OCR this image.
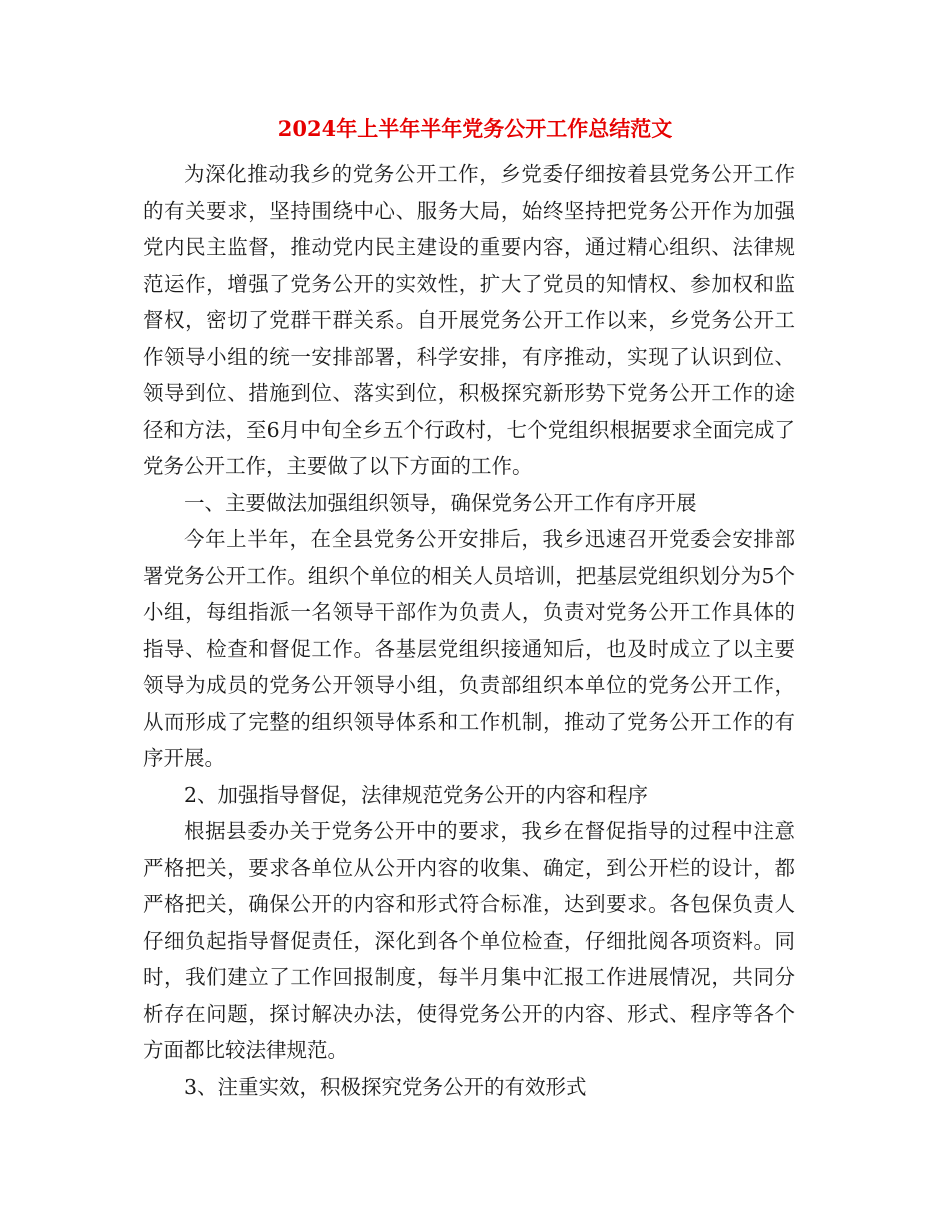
2024年上半年半年党务公开工作总结范文

为深化推动我乡的党务公开工作，乡党委仔细按着县党务公开工作的有关要求，坚持围绕中心、服务大局，始终坚持把党务公开作为加强党内民主监督，推动党内民主建设的重要内容，通过精心组织、法律规范运作，增强了党务公开的实效性，扩大了党员的知情权、参加权和监督权，密切了党群干群关系。自开展党务公开工作以来，乡党务公开工作领导小组的统一安排部署，科学安排，有序推动，实现了认识到位、领导到位、措施到位、落实到位，积极探究新形势下党务公开工作的途径和方法，至6月中旬全乡五个行政村，七个党组织根据要求全面完成了党务公开工作，主要做了以下方面的工作。

一、主要做法加强组织领导，确保党务公开工作有序开展

今年上半年，在全县党务公开安排后，我乡迅速召开党委会安排部署党务公开工作。组织个单位的相关人员培训，把基层党组织划分为5个小组，每组指派一名领导干部作为负责人，负责对党务公开工作具体的指导、检查和督促工作。各基层党组织接通知后，也及时成立了以主要领导为成员的党务公开领导小组，负责部组织本单位的党务公开工作，从而形成了完整的组织领导体系和工作机制，推动了党务公开工作的有序开展。

2、加强指导督促，法律规范党务公开的内容和程序

根据县委办关于党务公开中的要求，我乡在督促指导的过程中注意严格把关，要求各单位从公开内容的收集、确定，到公开栏的设计，都严格把关，确保公开的内容和形式符合标准，达到要求。各包保负责人仔细负起指导督促责任，深化到各个单位检查，仔细批阅各项资料。同时，我们建立了工作回报制度，每半月集中汇报工作进展情况，共同分析存在问题，探讨解决办法，使得党务公开的内容、形式、程序等各个方面都比较法律规范。

3、注重实效，积极探究党务公开的有效形式
